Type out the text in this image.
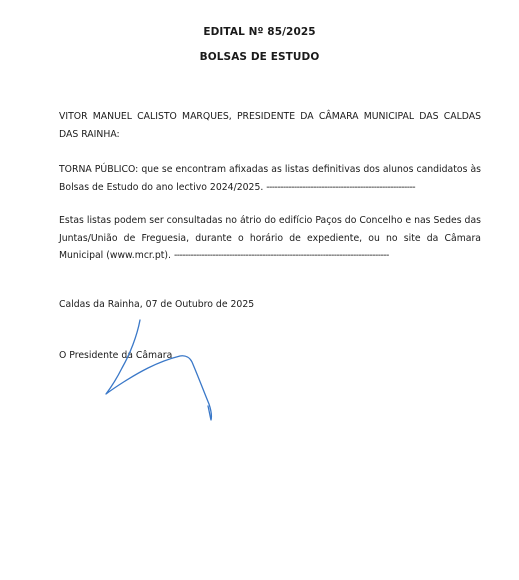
EDITAL Nº 85/2025
BOLSAS DE ESTUDO
VITOR MANUEL CALISTO MARQUES, PRESIDENTE DA CÂMARA MUNICIPAL DAS CALDAS DAS RAINHA:
TORNA PÚBLICO: que se encontram afixadas as listas definitivas dos alunos candidatos às Bolsas de Estudo do ano lectivo 2024/2025. ------------------------------------------------------
Estas listas podem ser consultadas no átrio do edifício Paços do Concelho e nas Sedes das Juntas/União de Freguesia, durante o horário de expediente, ou no site da Câmara Municipal (www.mcr.pt). ------------------------------------------------------------------------------
Caldas da Rainha, 07 de Outubro de 2025
O Presidente da Câmara
